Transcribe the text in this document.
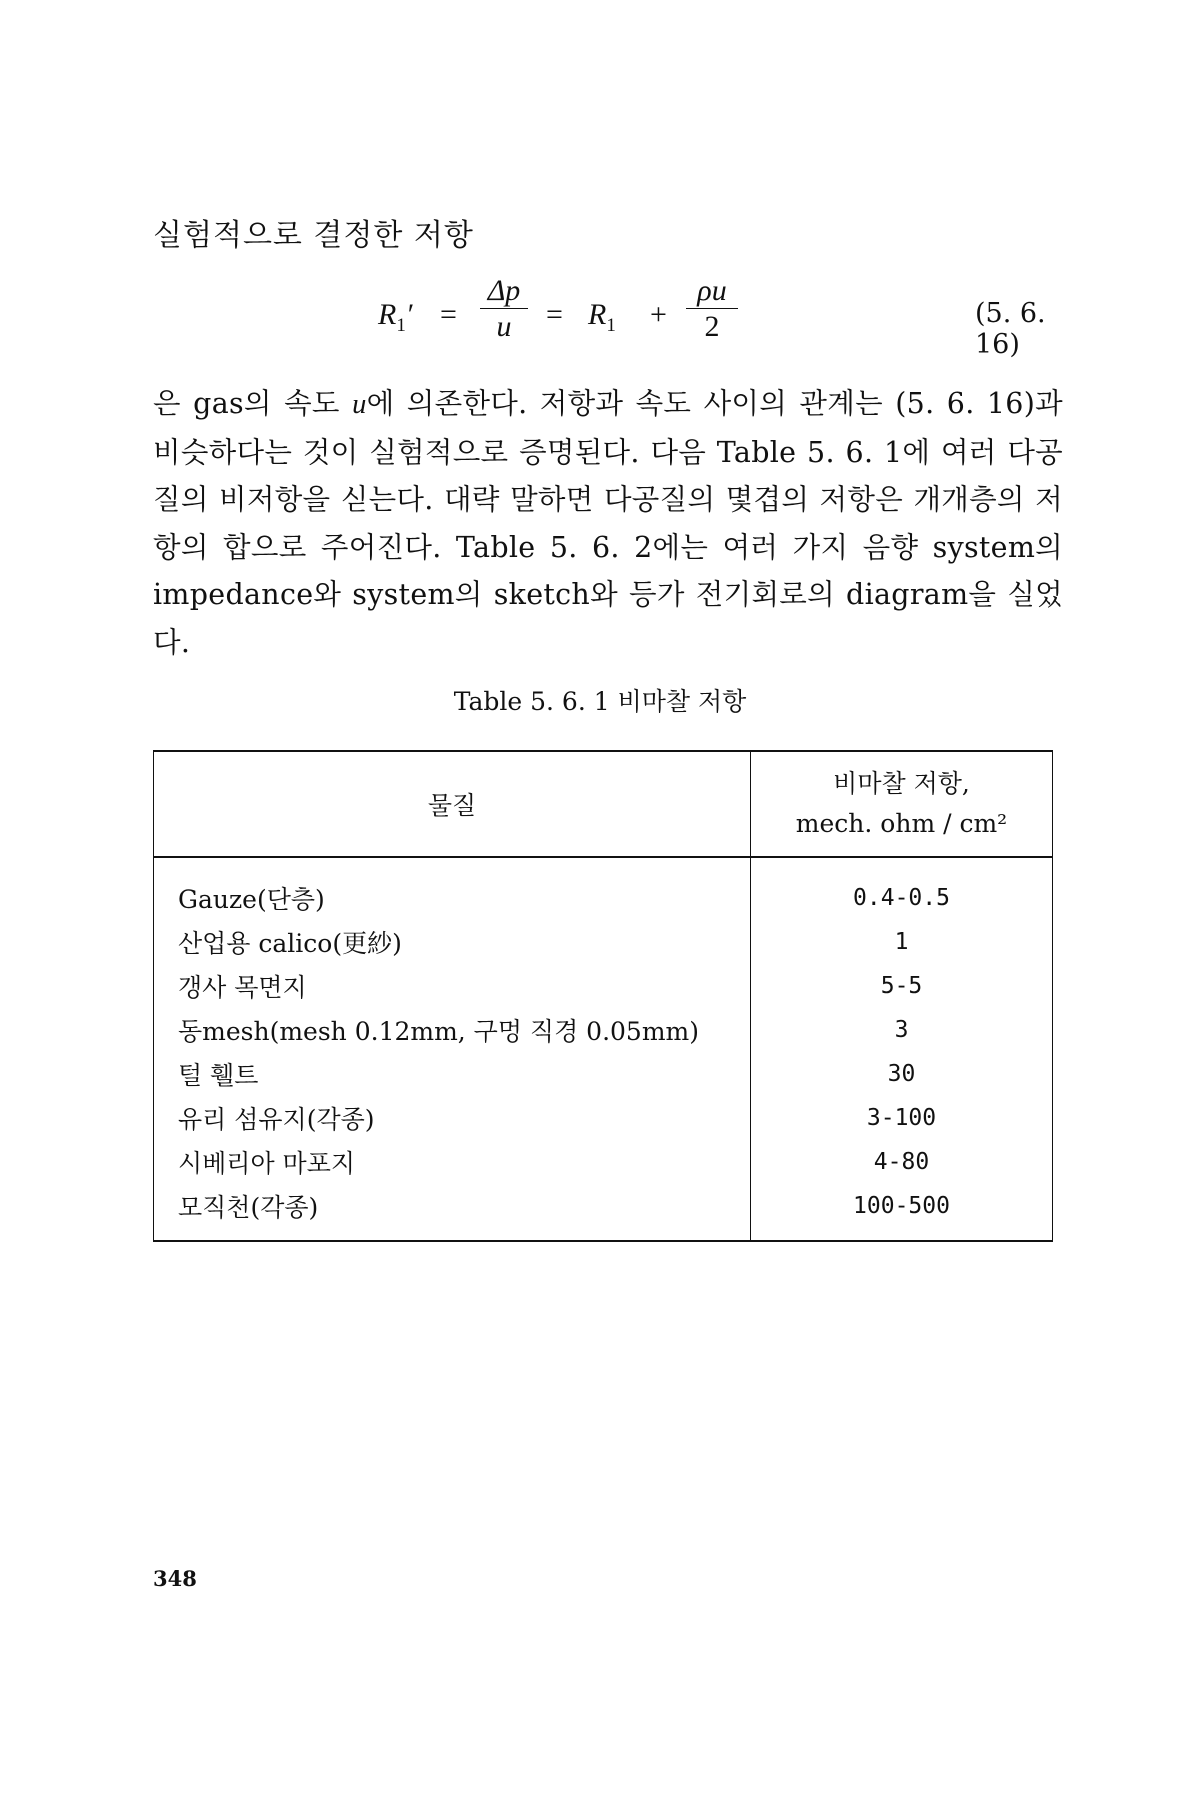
실험적으로 결정한 저항
$R_1' = \frac{\Delta p}{u} = R_1 + \frac{\rho u}{2}$	(5. 6. 16)
은 gas의 속도 u에 의존한다. 저항과 속도 사이의 관계는 (5. 6. 16)과 비슷하다는 것이 실험적으로 증명된다. 다음 Table 5. 6. 1에 여러 다공질의 비저항을 싣는다. 대략 말하면 다공질의 몇겹의 저항은 개개층의 저항의 합으로 주어진다. Table 5. 6. 2에는 여러 가지 음향 system의 impedance와 system의 sketch와 등가 전기회로의 diagram을 실었다.
Table 5. 6. 1 비마찰 저항
물질	비마찰 저항,
mech. ohm / cm²
Gauze(단층)	0.4-0.5
산업용 calico(更紗)	1
갱사 목면지	5-5
동mesh(mesh 0.12mm, 구멍 직경 0.05mm)	3
털 휄트	30
유리 섬유지(각종)	3-100
시베리아 마포지	4-80
모직천(각종)	100-500
348
